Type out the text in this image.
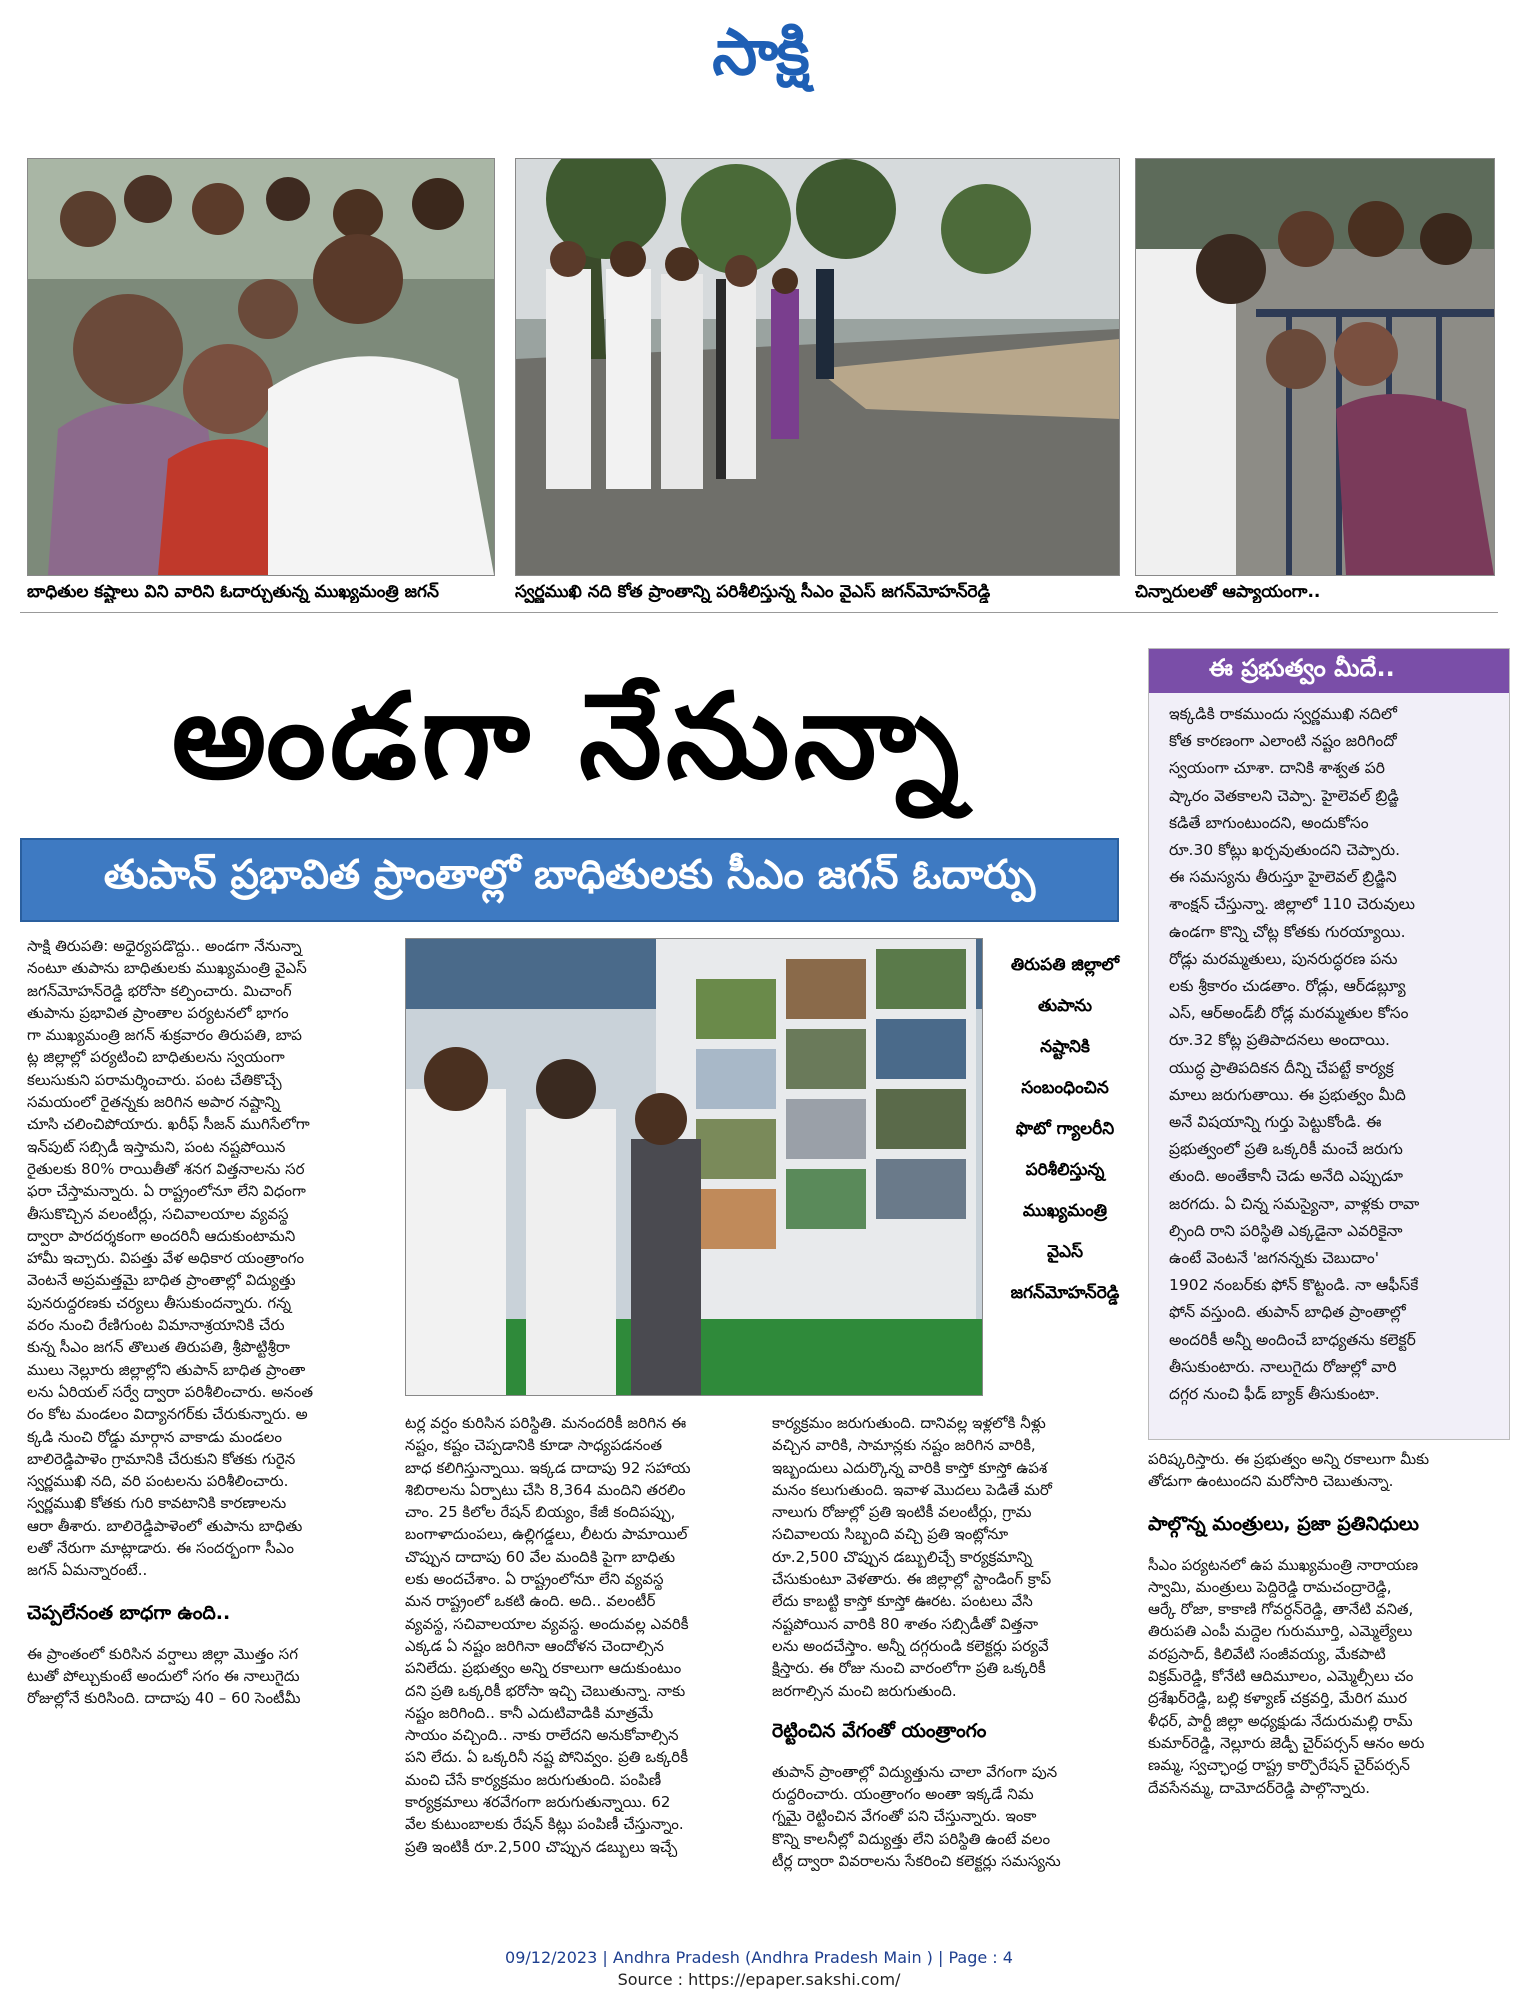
సాక్షి
బాధితుల కష్టాలు విని వారిని ఓదార్చుతున్న ముఖ్యమంత్రి జగన్	స్వర్ణముఖి నది కోత ప్రాంతాన్ని పరిశీలిస్తున్న సీఎం వైఎస్ జగన్‌మోహన్‌రెడ్డి	చిన్నారులతో ఆప్యాయంగా..
అండగా నేనున్నా
తుపాన్ ప్రభావిత ప్రాంతాల్లో బాధితులకు సీఎం జగన్ ఓదార్పు
ఈ ప్రభుత్వం మీదే..
ఇక్కడికి రాకముందు స్వర్ణముఖి నదిలో
కోత కారణంగా ఎలాంటి నష్టం జరిగిందో
స్వయంగా చూశా. దానికి శాశ్వత పరి
ష్కారం వెతకాలని చెప్పా. హైలెవల్ బ్రిడ్జి
కడితే బాగుంటుందని, అందుకోసం
రూ.30 కోట్లు ఖర్చవుతుందని చెప్పారు.
ఈ సమస్యను తీరుస్తూ హైలెవల్ బ్రిడ్జిని
శాంక్షన్ చేస్తున్నా. జిల్లాలో 110 చెరువులు
ఉండగా కొన్ని చోట్ల కోతకు గురయ్యాయి.
రోడ్లు మరమ్మతులు, పునరుద్ధరణ పను
లకు శ్రీకారం చుడతాం. రోడ్లు, ఆర్‌డబ్ల్యూ
ఎస్, ఆర్‌అండ్‌బీ రోడ్ల మరమ్మతుల కోసం
రూ.32 కోట్ల ప్రతిపాదనలు అందాయి.
యుద్ధ ప్రాతిపదికన దీన్ని చేపట్టే కార్యక్ర
మాలు జరుగుతాయి. ఈ ప్రభుత్వం మీది
అనే విషయాన్ని గుర్తు పెట్టుకోండి. ఈ
ప్రభుత్వంలో ప్రతి ఒక్కరికీ మంచే జరుగు
తుంది. అంతేకానీ చెడు అనేది ఎప్పుడూ
జరగదు. ఏ చిన్న సమస్యైనా, వాళ్లకు రావా
ల్సింది రాని పరిస్థితి ఎక్కడైనా ఎవరికైనా
ఉంటే వెంటనే 'జగనన్నకు చెబుదాం'
1902 నంబర్‌కు ఫోన్ కొట్టండి. నా ఆఫీస్‌కే
ఫోన్ వస్తుంది. తుపాన్ బాధిత ప్రాంతాల్లో
అందరికీ అన్నీ అందించే బాధ్యతను కలెక్టర్
తీసుకుంటారు. నాలుగైదు రోజుల్లో వారి
దగ్గర నుంచి ఫీడ్ బ్యాక్ తీసుకుంటా.
తిరుపతి జిల్లాలో
తుపాను
నష్టానికి
సంబంధించిన
ఫొటో గ్యాలరీని
పరిశీలిస్తున్న
ముఖ్యమంత్రి
వైఎస్
జగన్‌మోహన్‌రెడ్డి
సాక్షి తిరుపతి: అధైర్యపడొద్దు.. అండగా నేనున్నా
నంటూ తుపాను బాధితులకు ముఖ్యమంత్రి వైఎస్
జగన్‌మోహన్‌రెడ్డి భరోసా కల్పించారు. మిచాంగ్
తుపాను ప్రభావిత ప్రాంతాల పర్యటనలో భాగం
గా ముఖ్యమంత్రి జగన్ శుక్రవారం తిరుపతి, బాప
ట్ల జిల్లాల్లో పర్యటించి బాధితులను స్వయంగా
కలుసుకుని పరామర్శించారు. పంట చేతికొచ్చే
సమయంలో రైతన్నకు జరిగిన అపార నష్టాన్ని
చూసి చలించిపోయారు. ఖరీఫ్ సీజన్ ముగిసేలోగా
ఇన్‌పుట్ సబ్సిడీ ఇస్తామని, పంట నష్టపోయిన
రైతులకు 80% రాయితీతో శనగ విత్తనాలను సర
ఫరా చేస్తామన్నారు. ఏ రాష్ట్రంలోనూ లేని విధంగా
తీసుకొచ్చిన వలంటీర్లు, సచివాలయాల వ్యవస్థ
ద్వారా పారదర్శకంగా అందరినీ ఆదుకుంటామని
హామీ ఇచ్చారు. విపత్తు వేళ అధికార యంత్రాంగం
వెంటనే అప్రమత్తమై బాధిత ప్రాంతాల్లో విద్యుత్తు
పునరుద్ధరణకు చర్యలు తీసుకుందన్నారు. గన్న
వరం నుంచి రేణిగుంట విమానాశ్రయానికి చేరు
కున్న సీఎం జగన్ తొలుత తిరుపతి, శ్రీపొట్టిశ్రీరా
ములు నెల్లూరు జిల్లాల్లోని తుపాన్ బాధిత ప్రాంతా
లను ఏరియల్ సర్వే ద్వారా పరిశీలించారు. అనంత
రం కోట మండలం విద్యానగర్‌కు చేరుకున్నారు. అ
క్కడి నుంచి రోడ్డు మార్గాన వాకాడు మండలం
బాలిరెడ్డిపాళెం గ్రామానికి చేరుకుని కోతకు గురైన
స్వర్ణముఖి నది, వరి పంటలను పరిశీలించారు.
స్వర్ణముఖి కోతకు గురి కావటానికి కారణాలను
ఆరా తీశారు. బాలిరెడ్డిపాళెంలో తుపాను బాధితు
లతో నేరుగా మాట్లాడారు. ఈ సందర్భంగా సీఎం
జగన్ ఏమన్నారంటే..
చెప్పలేనంత బాధగా ఉంది..
ఈ ప్రాంతంలో కురిసిన వర్షాలు జిల్లా మొత్తం సగ
టుతో పోల్చుకుంటే అందులో సగం ఈ నాలుగైదు
రోజుల్లోనే కురిసింది. దాదాపు 40 – 60 సెంటీమీ
టర్ల వర్షం కురిసిన పరిస్థితి. మనందరికీ జరిగిన ఈ
నష్టం, కష్టం చెప్పడానికి కూడా సాధ్యపడనంత
బాధ కలిగిస్తున్నాయి. ఇక్కడ దాదాపు 92 సహాయ
శిబిరాలను ఏర్పాటు చేసి 8,364 మందిని తరలిం
చాం. 25 కిలోల రేషన్ బియ్యం, కేజీ కందిపప్పు,
బంగాళాదుంపలు, ఉల్లిగడ్డలు, లీటరు పామాయిల్
చొప్పున దాదాపు 60 వేల మందికి పైగా బాధితు
లకు అందచేశాం. ఏ రాష్ట్రంలోనూ లేని వ్యవస్థ
మన రాష్ట్రంలో ఒకటి ఉంది. అది.. వలంటీర్
వ్యవస్థ, సచివాలయాల వ్యవస్థ. అందువల్ల ఎవరికీ
ఎక్కడ ఏ నష్టం జరిగినా ఆందోళన చెందాల్సిన
పనిలేదు. ప్రభుత్వం అన్ని రకాలుగా ఆదుకుంటుం
దని ప్రతి ఒక్కరికీ భరోసా ఇచ్చి చెబుతున్నా. నాకు
నష్టం జరిగింది.. కానీ ఎదుటివాడికి మాత్రమే
సాయం వచ్చింది.. నాకు రాలేదని అనుకోవాల్సిన
పని లేదు. ఏ ఒక్కరినీ నష్ట పోనివ్వం. ప్రతి ఒక్కరికీ
మంచి చేసే కార్యక్రమం జరుగుతుంది. పంపిణీ
కార్యక్రమాలు శరవేగంగా జరుగుతున్నాయి. 62
వేల కుటుంబాలకు రేషన్ కిట్లు పంపిణీ చేస్తున్నాం.
ప్రతి ఇంటికీ రూ.2,500 చొప్పున డబ్బులు ఇచ్చే
కార్యక్రమం జరుగుతుంది. దానివల్ల ఇళ్లలోకి నీళ్లు
వచ్చిన వారికి, సామాన్లకు నష్టం జరిగిన వారికి,
ఇబ్బందులు ఎదుర్కొన్న వారికి కాస్తో కూస్తో ఉపశ
మనం కలుగుతుంది. ఇవాళ మొదలు పెడితే మరో
నాలుగు రోజుల్లో ప్రతి ఇంటికీ వలంటీర్లు, గ్రామ
సచివాలయ సిబ్బంది వచ్చి ప్రతి ఇంట్లోనూ
రూ.2,500 చొప్పున డబ్బులిచ్చే కార్యక్రమాన్ని
చేసుకుంటూ వెళతారు. ఈ జిల్లాల్లో స్టాండింగ్ క్రాప్
లేదు కాబట్టి కాస్తో కూస్తో ఊరట. పంటలు వేసి
నష్టపోయిన వారికి 80 శాతం సబ్సిడీతో విత్తనా
లను అందచేస్తాం. అన్నీ దగ్గరుండి కలెక్టర్లు పర్యవే
క్షిస్తారు. ఈ రోజు నుంచి వారంలోగా ప్రతి ఒక్కరికీ
జరగాల్సిన మంచి జరుగుతుంది.
రెట్టించిన వేగంతో యంత్రాంగం
తుపాన్ ప్రాంతాల్లో విద్యుత్తును చాలా వేగంగా పున
రుద్ధరించారు. యంత్రాంగం అంతా ఇక్కడే నిమ
గ్నమై రెట్టించిన వేగంతో పని చేస్తున్నారు. ఇంకా
కొన్ని కాలనీల్లో విద్యుత్తు లేని పరిస్థితి ఉంటే వలం
టీర్ల ద్వారా వివరాలను సేకరించి కలెక్టర్లు సమస్యను
పరిష్కరిస్తారు. ఈ ప్రభుత్వం అన్ని రకాలుగా మీకు
తోడుగా ఉంటుందని మరోసారి చెబుతున్నా.
పాల్గొన్న మంత్రులు, ప్రజా ప్రతినిధులు
సీఎం పర్యటనలో ఉప ముఖ్యమంత్రి నారాయణ
స్వామి, మంత్రులు పెద్దిరెడ్డి రామచంద్రారెడ్డి,
ఆర్కే రోజా, కాకాణి గోవర్ధన్‌రెడ్డి, తానేటి వనిత,
తిరుపతి ఎంపీ మద్దెల గురుమూర్తి, ఎమ్మెల్యేలు
వరప్రసాద్, కిలివేటి సంజీవయ్య, మేకపాటి
విక్రమ్‌రెడ్డి, కోనేటి ఆదిమూలం, ఎమ్మెల్సీలు చం
ద్రశేఖర్‌రెడ్డి, బల్లి కళ్యాణ్ చక్రవర్తి, మేరిగ ముర
ళీధర్, పార్టీ జిల్లా అధ్యక్షుడు నేదురుమల్లి రామ్
కుమార్‌రెడ్డి, నెల్లూరు జెడ్పీ చైర్‌పర్సన్ ఆనం అరు
ణమ్మ, స్వచ్ఛాంధ్ర రాష్ట్ర కార్పొరేషన్ చైర్‌పర్సన్
దేవసేనమ్మ, దామోదర్‌రెడ్డి పాల్గొన్నారు.
09/12/2023 | Andhra Pradesh (Andhra Pradesh Main ) | Page : 4
Source : https://epaper.sakshi.com/
